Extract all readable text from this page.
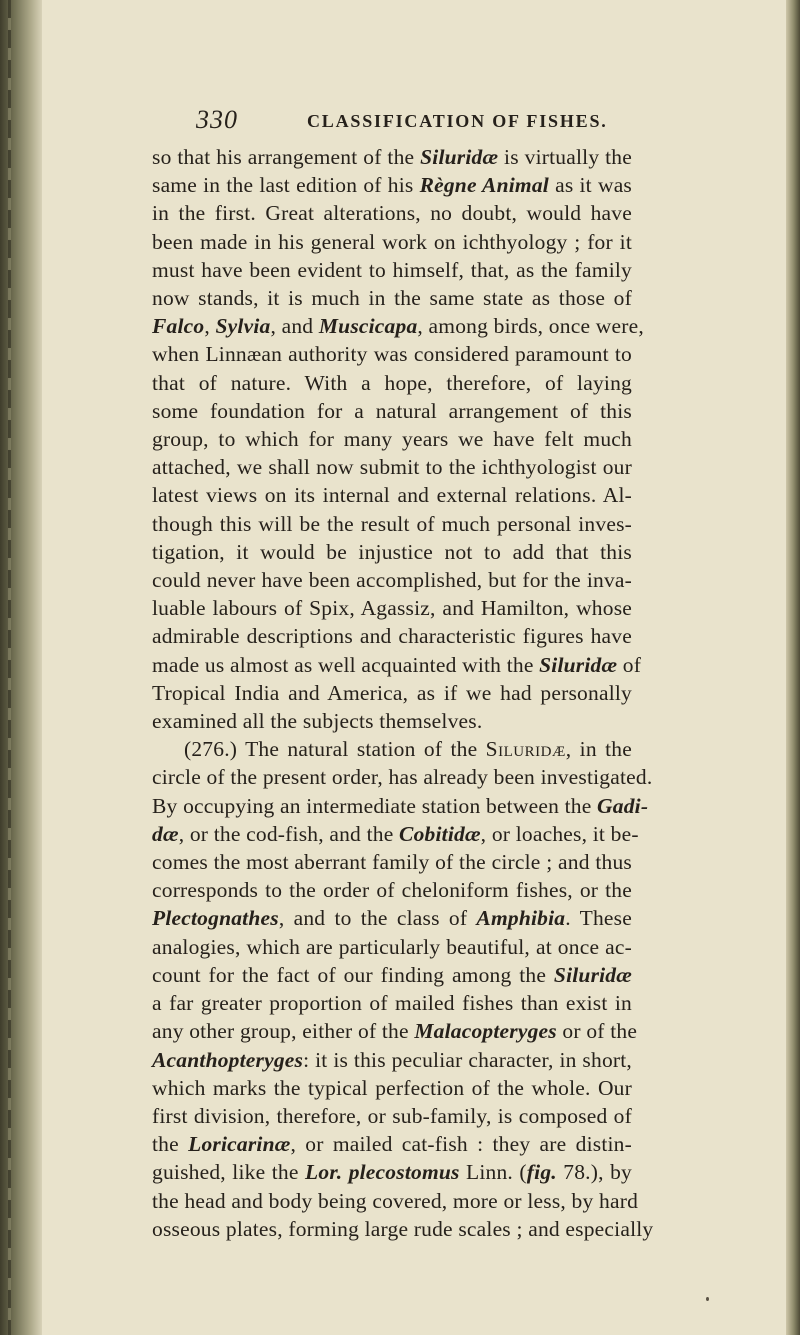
330	CLASSIFICATION OF FISHES.
so that his arrangement of the Siluridæ is virtually the
same in the last edition of his Règne Animal as it was
in the first. Great alterations, no doubt, would have
been made in his general work on ichthyology ; for it
must have been evident to himself, that, as the family
now stands, it is much in the same state as those of
Falco, Sylvia, and Muscicapa, among birds, once were,
when Linnæan authority was considered paramount to
that of nature. With a hope, therefore, of laying
some foundation for a natural arrangement of this
group, to which for many years we have felt much
attached, we shall now submit to the ichthyologist our
latest views on its internal and external relations. Al-
though this will be the result of much personal inves-
tigation, it would be injustice not to add that this
could never have been accomplished, but for the inva-
luable labours of Spix, Agassiz, and Hamilton, whose
admirable descriptions and characteristic figures have
made us almost as well acquainted with the Siluridæ of
Tropical India and America, as if we had personally
examined all the subjects themselves.
(276.) The natural station of the Siluridæ, in the
circle of the present order, has already been investigated.
By occupying an intermediate station between the Gadi-
dæ, or the cod-fish, and the Cobitidæ, or loaches, it be-
comes the most aberrant family of the circle ; and thus
corresponds to the order of cheloniform fishes, or the
Plectognathes, and to the class of Amphibia. These
analogies, which are particularly beautiful, at once ac-
count for the fact of our finding among the Siluridæ
a far greater proportion of mailed fishes than exist in
any other group, either of the Malacopteryges or of the
Acanthopteryges: it is this peculiar character, in short,
which marks the typical perfection of the whole. Our
first division, therefore, or sub-family, is composed of
the Loricarinæ, or mailed cat-fish : they are distin-
guished, like the Lor. plecostomus Linn. (fig. 78.), by
the head and body being covered, more or less, by hard
osseous plates, forming large rude scales ; and especially
